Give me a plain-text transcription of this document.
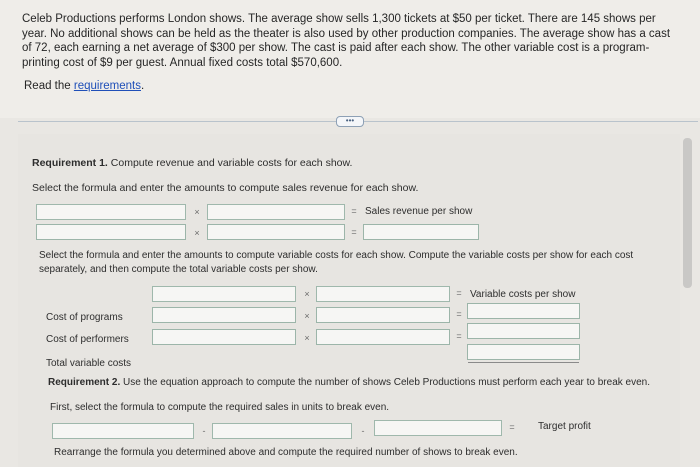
Celeb Productions performs London shows. The average show sells 1,300 tickets at $50 per ticket. There are 145 shows per year. No additional shows can be held as the theater is also used by other production companies. The average show has a cast of 72, each earning a net average of $300 per show. The cast is paid after each show. The other variable cost is a program-printing cost of $9 per guest. Annual fixed costs total $570,600.
Read the requirements.
•••
Requirement 1. Compute revenue and variable costs for each show.
Select the formula and enter the amounts to compute sales revenue for each show.
×	= Sales revenue per show
×	=
Select the formula and enter the amounts to compute variable costs for each show. Compute the variable costs per show for each cost
separately, and then compute the total variable costs per show.
×	= Variable costs per show
Cost of programs	×	=
Cost of performers	×	=
Total variable costs
Requirement 2. Use the equation approach to compute the number of shows Celeb Productions must perform each year to break even.
First, select the formula to compute the required sales in units to break even.
-	-	= Target profit
Rearrange the formula you determined above and compute the required number of shows to break even.
